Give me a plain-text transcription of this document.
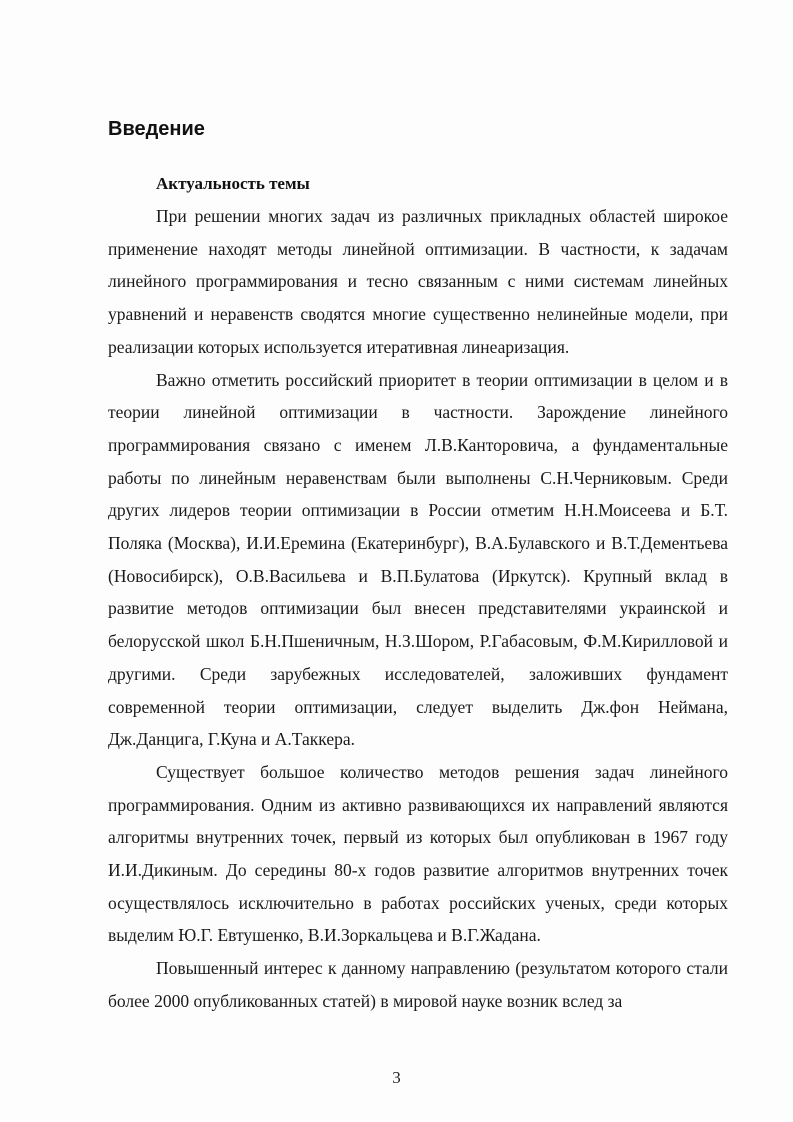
Введение
Актуальность темы

При решении многих задач из различных прикладных областей широкое применение находят методы линейной оптимизации. В частности, к задачам линейного программирования и тесно связанным с ними системам линейных уравнений и неравенств сводятся многие существенно нелинейные модели, при реализации которых используется итеративная линеаризация.

Важно отметить российский приоритет в теории оптимизации в целом и в теории линейной оптимизации в частности. Зарождение линейного программирования связано с именем Л.В.Канторовича, а фундаментальные работы по линейным неравенствам были выполнены С.Н.Черниковым. Среди других лидеров теории оптимизации в России отметим Н.Н.Моисеева и Б.Т. Поляка (Москва), И.И.Еремина (Екатеринбург), В.А.Булавского и В.Т.Дементьева (Новосибирск), О.В.Васильева и В.П.Булатова (Иркутск). Крупный вклад в развитие методов оптимизации был внесен представителями украинской и белорусской школ Б.Н.Пшеничным, Н.З.Шором, Р.Габасовым, Ф.М.Кирилловой и другими. Среди зарубежных исследователей, заложивших фундамент современной теории оптимизации, следует выделить Дж.фон Неймана, Дж.Данцига, Г.Куна и А.Таккера.

Существует большое количество методов решения задач линейного программирования. Одним из активно развивающихся их направлений являются алгоритмы внутренних точек, первый из которых был опубликован в 1967 году И.И.Дикиным. До середины 80-х годов развитие алгоритмов внутренних точек осуществлялось исключительно в работах российских ученых, среди которых выделим Ю.Г. Евтушенко, В.И.Зоркальцева и В.Г.Жадана.

Повышенный интерес к данному направлению (результатом которого стали более 2000 опубликованных статей) в мировой науке возник вслед за

3
